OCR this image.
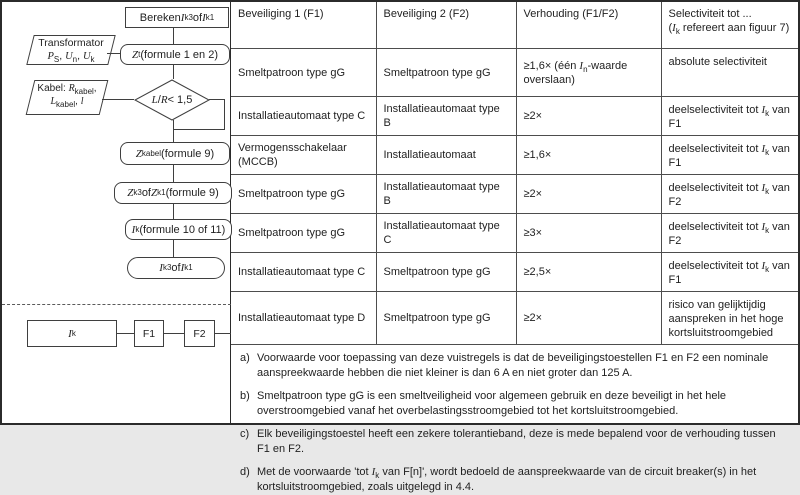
Bereken I k3 of I k1
Transformator
$P_S$, $U_n$, $U_k$	Z t (formule 1 en 2)
Kabel: $R_{kabel}$,
$L_{kabel}$, l	L / R < 1,5
Z kabel (formule 9)
Z k3 of Z k1 (formule 9)
I k (formule 10 of 11)
I k3 of I k1
I k	F1	F2
Beveiliging 1 (F1)	Beveiliging 2 (F2)	Verhouding (F1/F2)	Selectiviteit tot ...
($I_k$ refereert aan figuur 7)
Smeltpatroon type gG	Smeltpatroon type gG	≥1,6× (één $I_n$-waarde overslaan)	absolute selectiviteit
Installatieautomaat type C	Installatieautomaat type B	≥2×	deelselectiviteit tot $I_k$ van F1
Vermogensschakelaar (MCCB)	Installatieautomaat	≥1,6×	deelselectiviteit tot $I_k$ van F1
Smeltpatroon type gG	Installatieautomaat type B	≥2×	deelselectiviteit tot $I_k$ van F2
Smeltpatroon type gG	Installatieautomaat type C	≥3×	deelselectiviteit tot $I_k$ van F2
Installatieautomaat type C	Smeltpatroon type gG	≥2,5×	deelselectiviteit tot $I_k$ van F1
Installatieautomaat type D	Smeltpatroon type gG	≥2×	risico van gelijktijdig aanspreken in het hoge kortsluitstroomgebied
a) Voorwaarde voor toepassing van deze vuistregels is dat de beveiligingstoestellen F1 en F2 een nominale aanspreekwaarde hebben die niet kleiner is dan 6 A en niet groter dan 125 A.
b) Smeltpatroon type gG is een smeltveiligheid voor algemeen gebruik en deze beveiligt in het hele overstroomgebied vanaf het overbelastingsstroomgebied tot het kortsluitstroomgebied.
c) Elk beveiligingstoestel heeft een zekere tolerantieband, deze is mede bepalend voor de verhouding tussen F1 en F2.
d) Met de voorwaarde 'tot $I_k$ van F[n]', wordt bedoeld de aanspreekwaarde van de circuit breaker(s) in het kortsluitstroomgebied, zoals uitgelegd in 4.4.
